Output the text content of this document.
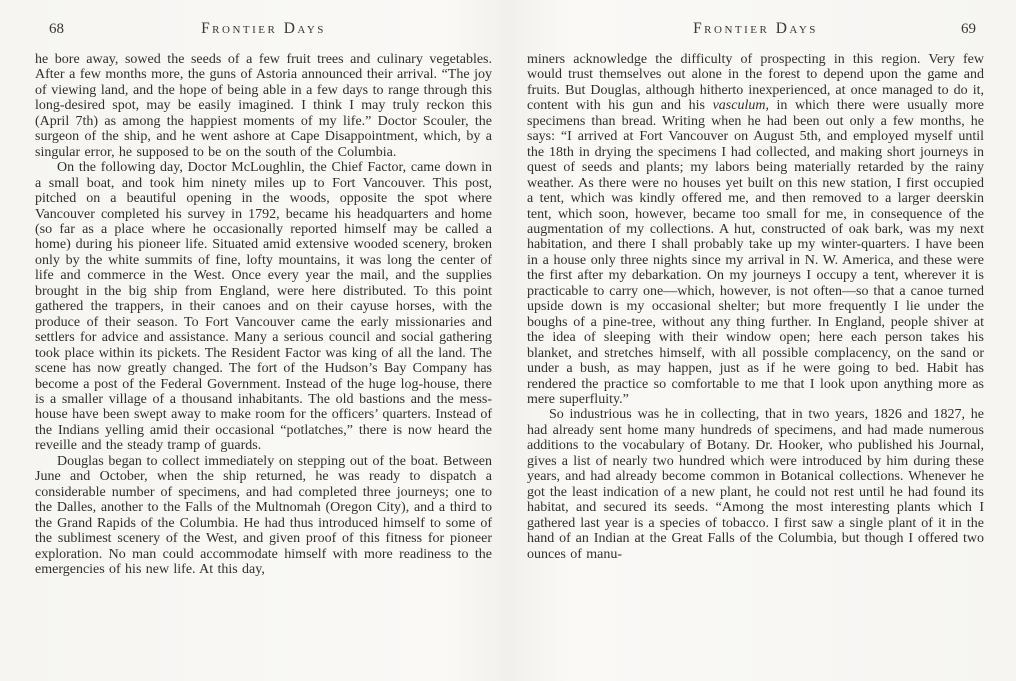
68	Frontier Days

he bore away, sowed the seeds of a few fruit trees and culinary vegetables. After a few months more, the guns of Astoria announced their arrival. “The joy of viewing land, and the hope of being able in a few days to range through this long-desired spot, may be easily imagined. I think I may truly reckon this (April 7th) as among the happiest moments of my life.” Doctor Scouler, the surgeon of the ship, and he went ashore at Cape Disappointment, which, by a singular error, he supposed to be on the south of the Columbia.

On the following day, Doctor McLoughlin, the Chief Factor, came down in a small boat, and took him ninety miles up to Fort Vancouver. This post, pitched on a beautiful opening in the woods, opposite the spot where Vancouver completed his survey in 1792, became his headquarters and home (so far as a place where he occasionally reported himself may be called a home) during his pioneer life. Situated amid extensive wooded scenery, broken only by the white summits of fine, lofty mountains, it was long the center of life and commerce in the West. Once every year the mail, and the supplies brought in the big ship from England, were here distributed. To this point gathered the trappers, in their canoes and on their cayuse horses, with the produce of their season. To Fort Vancouver came the early missionaries and settlers for advice and assistance. Many a serious council and social gathering took place within its pickets. The Resident Factor was king of all the land. The scene has now greatly changed. The fort of the Hudson’s Bay Company has become a post of the Federal Government. Instead of the huge log-house, there is a smaller village of a thousand inhabitants. The old bastions and the mess-house have been swept away to make room for the officers’ quarters. Instead of the Indians yelling amid their occasional “potlatches,” there is now heard the reveille and the steady tramp of guards.

Douglas began to collect immediately on stepping out of the boat. Between June and October, when the ship returned, he was ready to dispatch a considerable number of specimens, and had completed three journeys; one to the Dalles, another to the Falls of the Multnomah (Oregon City), and a third to the Grand Rapids of the Columbia. He had thus introduced himself to some of the sublimest scenery of the West, and given proof of this fitness for pioneer exploration. No man could accommodate himself with more readiness to the emergencies of his new life. At this day,

Frontier Days	69

miners acknowledge the difficulty of prospecting in this region. Very few would trust themselves out alone in the forest to depend upon the game and fruits. But Douglas, although hitherto inexperienced, at once managed to do it, content with his gun and his vasculum, in which there were usually more specimens than bread. Writing when he had been out only a few months, he says: “I arrived at Fort Vancouver on August 5th, and employed myself until the 18th in drying the specimens I had collected, and making short journeys in quest of seeds and plants; my labors being materially retarded by the rainy weather. As there were no houses yet built on this new station, I first occupied a tent, which was kindly offered me, and then removed to a larger deerskin tent, which soon, however, became too small for me, in consequence of the augmentation of my collections. A hut, constructed of oak bark, was my next habitation, and there I shall probably take up my winter-quarters. I have been in a house only three nights since my arrival in N. W. America, and these were the first after my debarkation. On my journeys I occupy a tent, wherever it is practicable to carry one—which, however, is not often—so that a canoe turned upside down is my occasional shelter; but more frequently I lie under the boughs of a pine-tree, without any thing further. In England, people shiver at the idea of sleeping with their window open; here each person takes his blanket, and stretches himself, with all possible complacency, on the sand or under a bush, as may happen, just as if he were going to bed. Habit has rendered the practice so comfortable to me that I look upon anything more as mere superfluity.”

So industrious was he in collecting, that in two years, 1826 and 1827, he had already sent home many hundreds of specimens, and had made numerous additions to the vocabulary of Botany. Dr. Hooker, who published his Journal, gives a list of nearly two hundred which were introduced by him during these years, and had already become common in Botanical collections. Whenever he got the least indication of a new plant, he could not rest until he had found its habitat, and secured its seeds. “Among the most interesting plants which I gathered last year is a species of tobacco. I first saw a single plant of it in the hand of an Indian at the Great Falls of the Columbia, but though I offered two ounces of manu-
